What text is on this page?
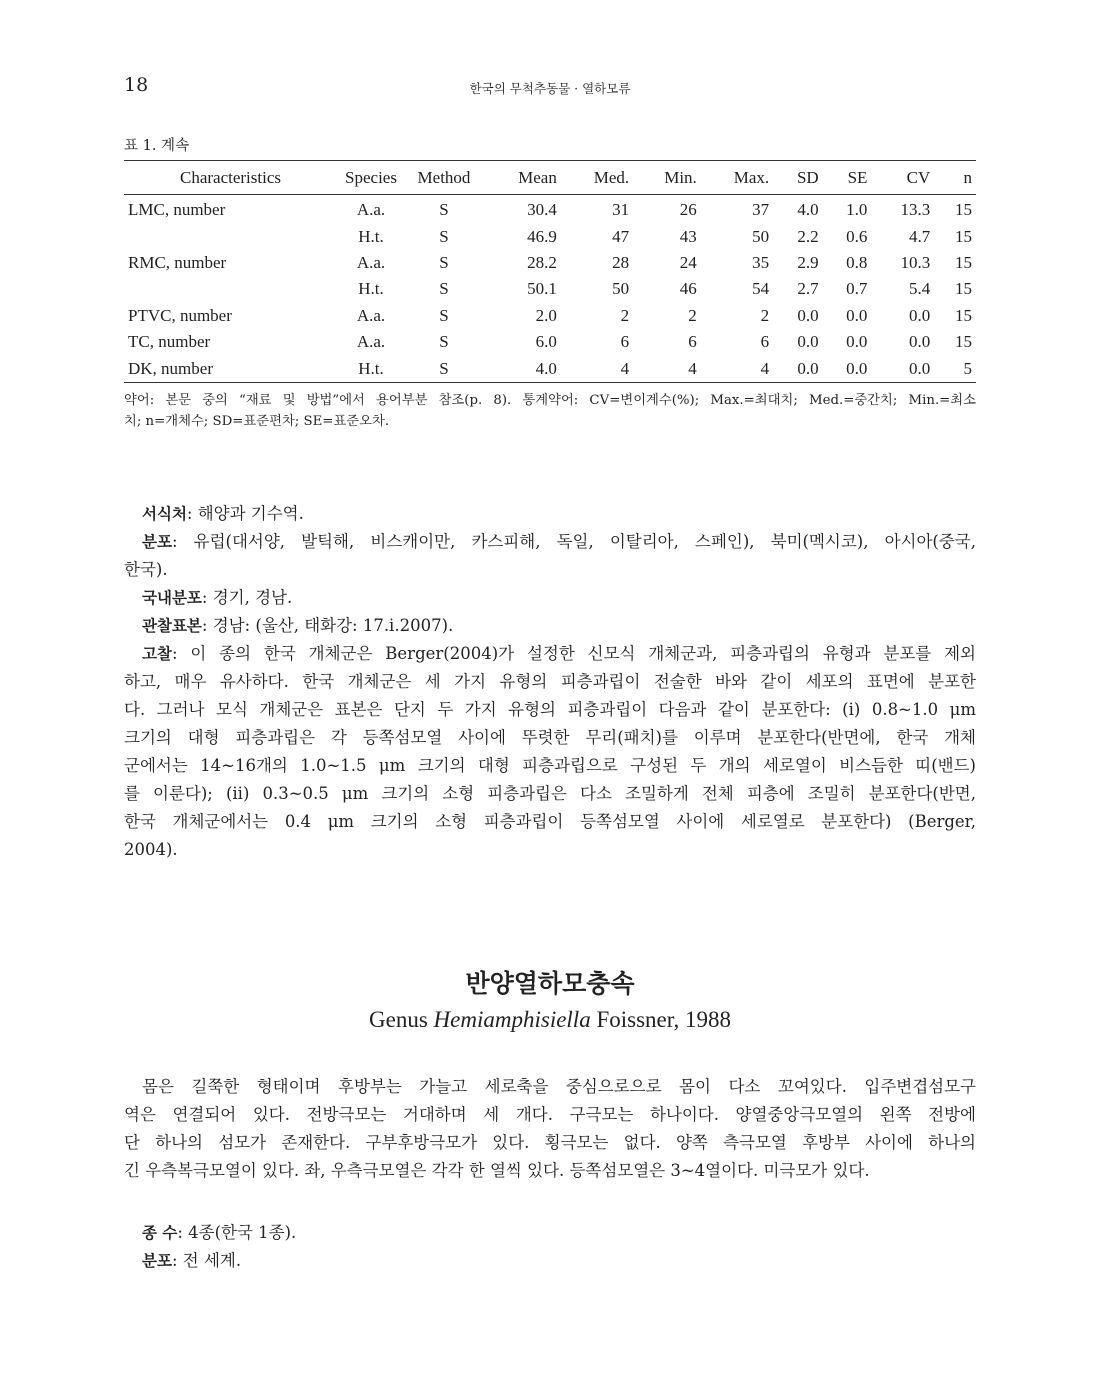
18	한국의 무척추동물 · 열하모류
표 1. 계속
Characteristics	Species	Method	Mean	Med.	Min.	Max.	SD	SE	CV	n
LMC, number	A.a.	S	30.4	31	26	37	4.0	1.0	13.3	15
	H.t.	S	46.9	47	43	50	2.2	0.6	4.7	15
RMC, number	A.a.	S	28.2	28	24	35	2.9	0.8	10.3	15
	H.t.	S	50.1	50	46	54	2.7	0.7	5.4	15
PTVC, number	A.a.	S	2.0	2	2	2	0.0	0.0	0.0	15
TC, number	A.a.	S	6.0	6	6	6	0.0	0.0	0.0	15
DK, number	H.t.	S	4.0	4	4	4	0.0	0.0	0.0	5
약어: 본문 중의 “재료 및 방법”에서 용어부분 참조(p. 8). 통계약어: CV=변이계수(%); Max.=최대치; Med.=중간치; Min.=최소
치; n=개체수; SD=표준편차; SE=표준오차.
서식처: 해양과 기수역.
분포: 유럽(대서양, 발틱해, 비스캐이만, 카스피해, 독일, 이탈리아, 스페인), 북미(멕시코), 아시아(중국,
한국).
국내분포: 경기, 경남.
관찰표본: 경남: (울산, 태화강: 17.i.2007).
고찰: 이 종의 한국 개체군은 Berger(2004)가 설정한 신모식 개체군과, 피층과립의 유형과 분포를 제외
하고, 매우 유사하다. 한국 개체군은 세 가지 유형의 피층과립이 전술한 바와 같이 세포의 표면에 분포한
다. 그러나 모식 개체군은 표본은 단지 두 가지 유형의 피층과립이 다음과 같이 분포한다: (i) 0.8~1.0 μm
크기의 대형 피층과립은 각 등쪽섬모열 사이에 뚜렷한 무리(패치)를 이루며 분포한다(반면에, 한국 개체
군에서는 14~16개의 1.0~1.5 μm 크기의 대형 피층과립으로 구성된 두 개의 세로열이 비스듬한 띠(밴드)
를 이룬다); (ii) 0.3~0.5 μm 크기의 소형 피층과립은 다소 조밀하게 전체 피층에 조밀히 분포한다(반면,
한국 개체군에서는 0.4 μm 크기의 소형 피층과립이 등쪽섬모열 사이에 세로열로 분포한다) (Berger,
2004).
반양열하모충속
Genus Hemiamphisiella Foissner, 1988
몸은 길쭉한 형태이며 후방부는 가늘고 세로축을 중심으로으로 몸이 다소 꼬여있다. 입주변겹섬모구
역은 연결되어 있다. 전방극모는 거대하며 세 개다. 구극모는 하나이다. 양열중앙극모열의 왼쪽 전방에
단 하나의 섬모가 존재한다. 구부후방극모가 있다. 횡극모는 없다. 양쪽 측극모열 후방부 사이에 하나의
긴 우측복극모열이 있다. 좌, 우측극모열은 각각 한 열씩 있다. 등쪽섬모열은 3~4열이다. 미극모가 있다.
종 수: 4종(한국 1종).
분포: 전 세계.
